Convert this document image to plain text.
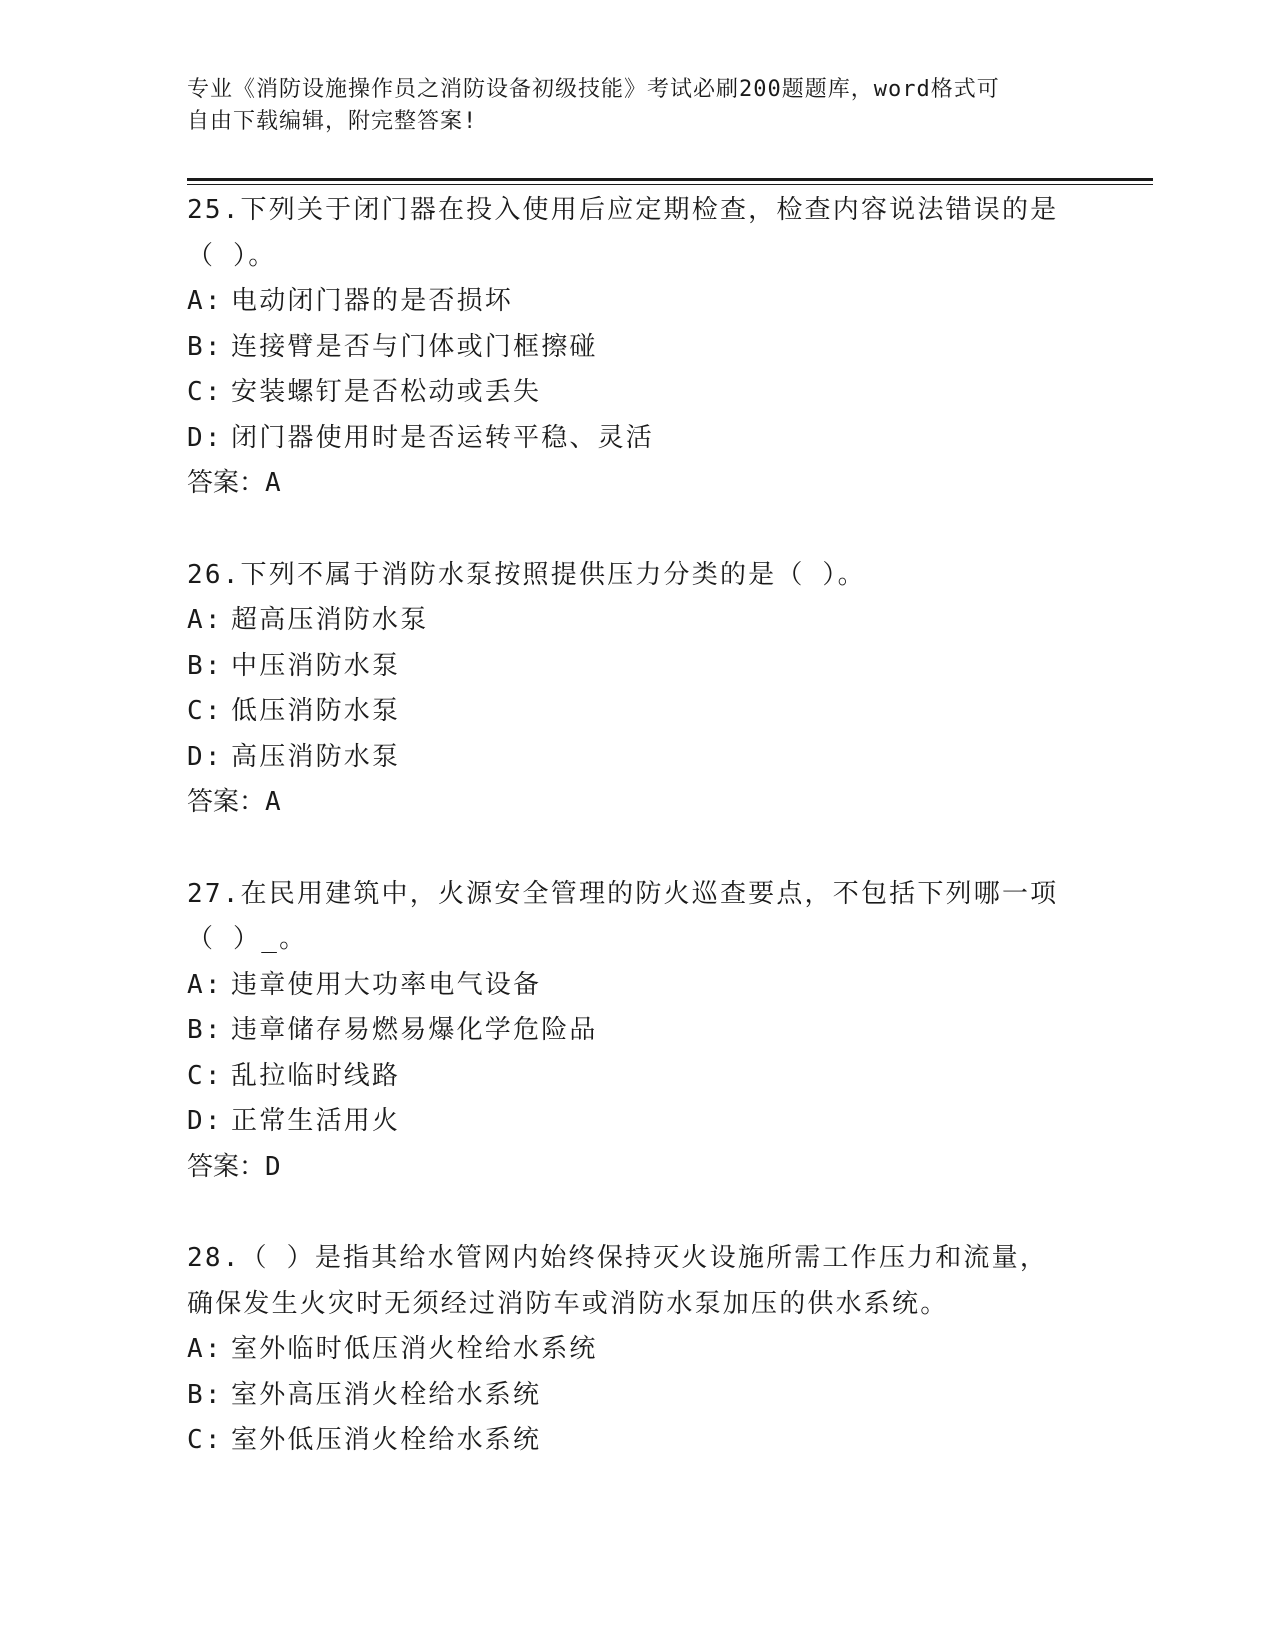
专业《消防设施操作员之消防设备初级技能》考试必刷200题题库，word格式可
自由下载编辑，附完整答案!

25.下列关于闭门器在投入使用后应定期检查，检查内容说法错误的是

（ ）。

A: 电动闭门器的是否损坏

B: 连接臂是否与门体或门框擦碰

C: 安装螺钉是否松动或丢失

D: 闭门器使用时是否运转平稳、灵活

答案：A

26.下列不属于消防水泵按照提供压力分类的是（ ）。

A: 超高压消防水泵

B: 中压消防水泵

C: 低压消防水泵

D: 高压消防水泵

答案：A

27.在民用建筑中，火源安全管理的防火巡查要点，不包括下列哪一项

（ ）_。

A: 违章使用大功率电气设备

B: 违章储存易燃易爆化学危险品

C: 乱拉临时线路

D: 正常生活用火

答案：D

28.（ ）是指其给水管网内始终保持灭火设施所需工作压力和流量，

确保发生火灾时无须经过消防车或消防水泵加压的供水系统。

A: 室外临时低压消火栓给水系统

B: 室外高压消火栓给水系统

C: 室外低压消火栓给水系统
